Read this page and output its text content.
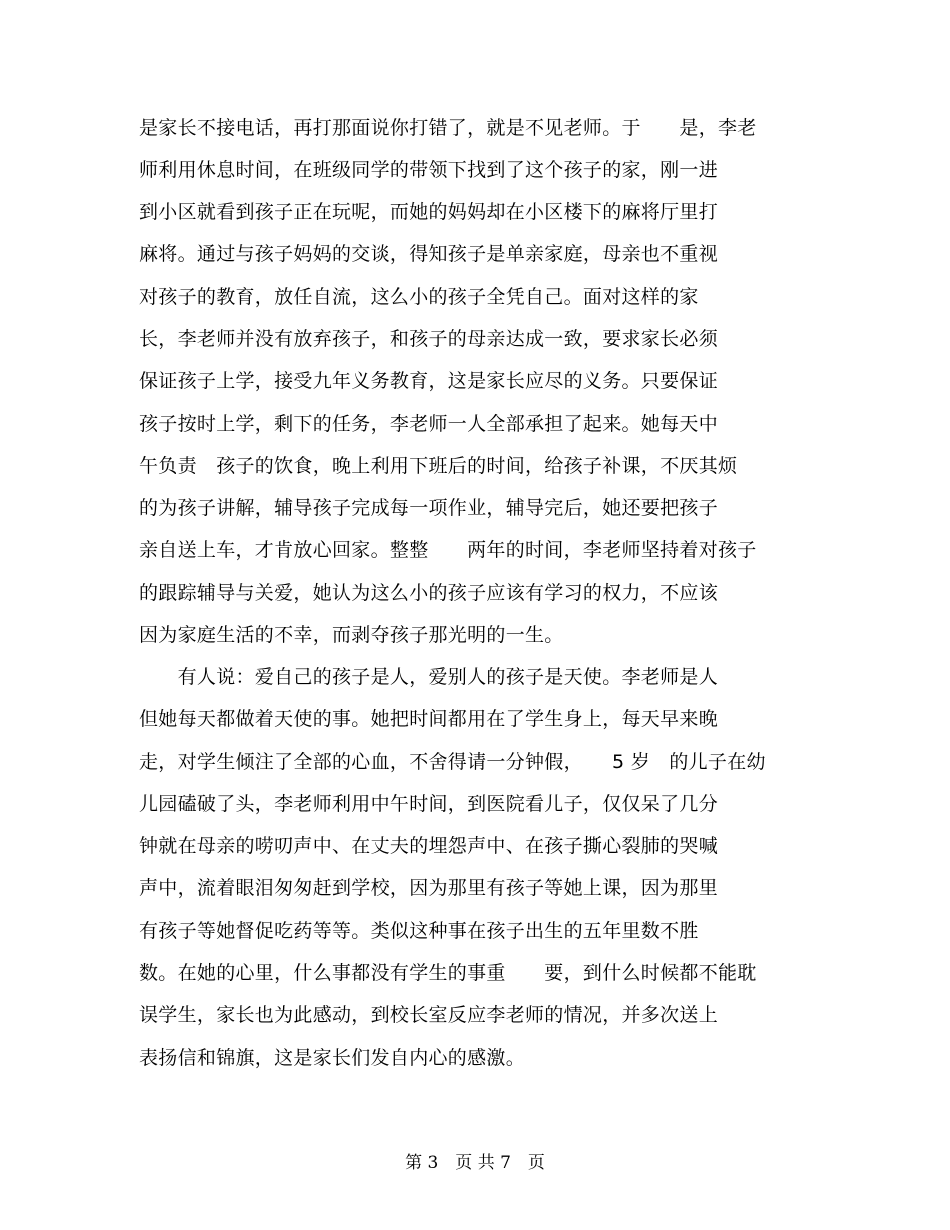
是家长不接电话，再打那面说你打错了，就是不见老师。于　　是，李老
师利用休息时间，在班级同学的带领下找到了这个孩子的家，刚一进
到小区就看到孩子正在玩呢，而她的妈妈却在小区楼下的麻将厅里打
麻将。通过与孩子妈妈的交谈，得知孩子是单亲家庭，母亲也不重视
对孩子的教育，放任自流，这么小的孩子全凭自己。面对这样的家
长，李老师并没有放弃孩子，和孩子的母亲达成一致，要求家长必须
保证孩子上学，接受九年义务教育，这是家长应尽的义务。只要保证
孩子按时上学，剩下的任务，李老师一人全部承担了起来。她每天中
午负责　孩子的饮食，晚上利用下班后的时间，给孩子补课，不厌其烦
的为孩子讲解，辅导孩子完成每一项作业，辅导完后，她还要把孩子
亲自送上车，才肯放心回家。整整　　两年的时间，李老师坚持着对孩子
的跟踪辅导与关爱，她认为这么小的孩子应该有学习的权力，不应该
因为家庭生活的不幸，而剥夺孩子那光明的一生。
　　有人说：爱自己的孩子是人，爱别人的孩子是天使。李老师是人
但她每天都做着天使的事。她把时间都用在了学生身上，每天早来晚
走，对学生倾注了全部的心血，不舍得请一分钟假，　　5 岁　的儿子在幼
儿园磕破了头，李老师利用中午时间，到医院看儿子，仅仅呆了几分
钟就在母亲的唠叨声中、在丈夫的埋怨声中、在孩子撕心裂肺的哭喊
声中，流着眼泪匆匆赶到学校，因为那里有孩子等她上课，因为那里
有孩子等她督促吃药等等。类似这种事在孩子出生的五年里数不胜
数。在她的心里，什么事都没有学生的事重　　要，到什么时候都不能耽
误学生，家长也为此感动，到校长室反应李老师的情况，并多次送上
表扬信和锦旗，这是家长们发自内心的感激。
第 3　页 共 7　页
